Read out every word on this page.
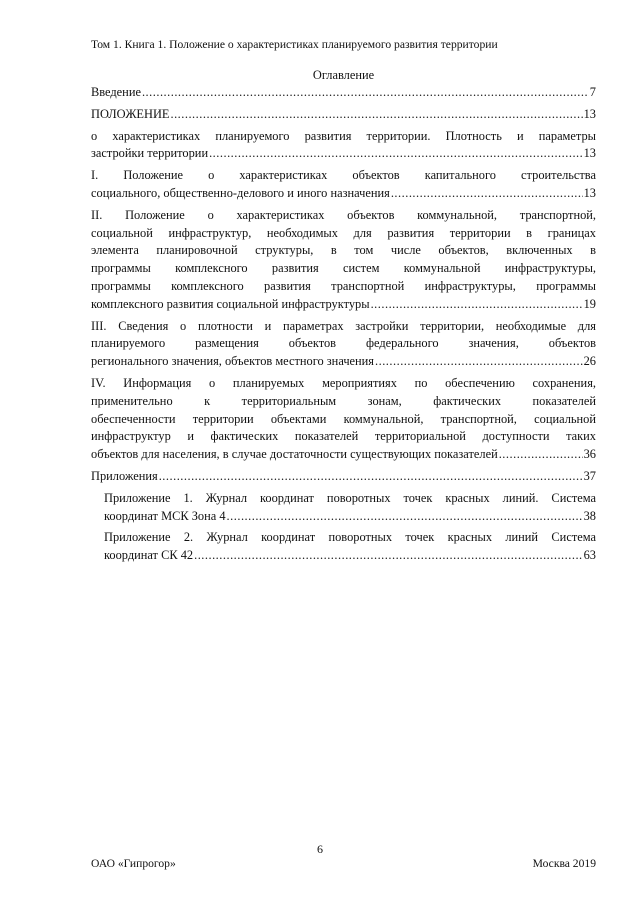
Том 1. Книга 1. Положение о характеристиках планируемого развития территории
Оглавление
Введение .....	7
ПОЛОЖЕНИЕ .....	13
о характеристиках планируемого развития территории. Плотность и параметры
застройки территории .....	13
I. Положение о характеристиках объектов капитального строительства
социального, общественно-делового и иного назначения .....	13
II. Положение о характеристиках объектов коммунальной, транспортной,
социальной инфраструктур, необходимых для развития территории в границах
элемента планировочной структуры, в том числе объектов, включенных в
программы комплексного развития систем коммунальной инфраструктуры,
программы комплексного развития транспортной инфраструктуры, программы
комплексного развития социальной инфраструктуры .....	19
III. Сведения о плотности и параметрах застройки территории, необходимые для
планируемого размещения объектов федерального значения, объектов
регионального значения, объектов местного значения .....	26
IV. Информация о планируемых мероприятиях по обеспечению сохранения,
применительно к территориальным зонам, фактических показателей
обеспеченности территории объектами коммунальной, транспортной, социальной
инфраструктур и фактических показателей территориальной доступности таких
объектов для населения, в случае достаточности существующих показателей .....	36
Приложения .....	37
Приложение 1. Журнал координат поворотных точек красных линий. Система
координат МСК Зона 4 .....	38
Приложение 2. Журнал координат поворотных точек красных линий Система
координат СК 42 .....	63
6
ОАО «Гипрогор»	Москва 2019
